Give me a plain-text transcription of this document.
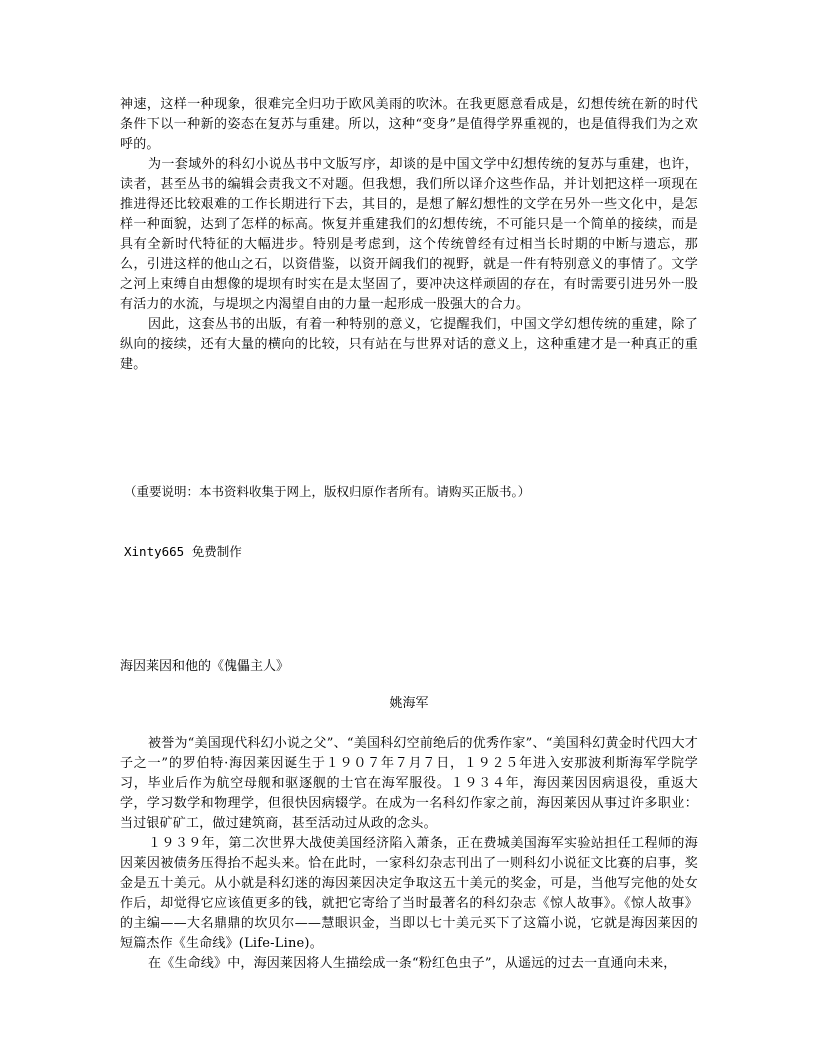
神速，这样一种现象，很难完全归功于欧风美雨的吹沐。在我更愿意看成是，幻想传统在新的时代条件下以一种新的姿态在复苏与重建。所以，这种“变身”是值得学界重视的，也是值得我们为之欢呼的。

为一套域外的科幻小说丛书中文版写序，却谈的是中国文学中幻想传统的复苏与重建，也许，读者，甚至丛书的编辑会责我文不对题。但我想，我们所以译介这些作品，并计划把这样一项现在推进得还比较艰难的工作长期进行下去，其目的，是想了解幻想性的文学在另外一些文化中，是怎样一种面貌，达到了怎样的标高。恢复并重建我们的幻想传统，不可能只是一个简单的接续，而是具有全新时代特征的大幅进步。特别是考虑到，这个传统曾经有过相当长时期的中断与遗忘，那么，引进这样的他山之石，以资借鉴，以资开阔我们的视野，就是一件有特别意义的事情了。文学之河上束缚自由想像的堤坝有时实在是太坚固了，要冲决这样顽固的存在，有时需要引进另外一股有活力的水流，与堤坝之内渴望自由的力量一起形成一股强大的合力。

因此，这套丛书的出版，有着一种特别的意义，它提醒我们，中国文学幻想传统的重建，除了纵向的接续，还有大量的横向的比较，只有站在与世界对话的意义上，这种重建才是一种真正的重建。

（重要说明：本书资料收集于网上，版权归原作者所有。请购买正版书。）

Xinty665 免费制作

海因莱因和他的《傀儡主人》

姚海军

被誉为“美国现代科幻小说之父”、“美国科幻空前绝后的优秀作家”、“美国科幻黄金时代四大才子之一”的罗伯特·海因莱因诞生于１９０７年７月７日，１９２５年进入安那波利斯海军学院学习，毕业后作为航空母舰和驱逐舰的士官在海军服役。１９３４年，海因莱因因病退役，重返大学，学习数学和物理学，但很快因病辍学。在成为一名科幻作家之前，海因莱因从事过许多职业：当过银矿矿工，做过建筑商，甚至活动过从政的念头。

１９３９年，第二次世界大战使美国经济陷入萧条，正在费城美国海军实验站担任工程师的海因莱因被债务压得抬不起头来。恰在此时，一家科幻杂志刊出了一则科幻小说征文比赛的启事，奖金是五十美元。从小就是科幻迷的海因莱因决定争取这五十美元的奖金，可是，当他写完他的处女作后，却觉得它应该值更多的钱，就把它寄给了当时最著名的科幻杂志《惊人故事》。《惊人故事》的主编——大名鼎鼎的坎贝尔——慧眼识金，当即以七十美元买下了这篇小说，它就是海因莱因的短篇杰作《生命线》(Life-Line)。

在《生命线》中，海因莱因将人生描绘成一条“粉红色虫子”，从遥远的过去一直通向未来，
